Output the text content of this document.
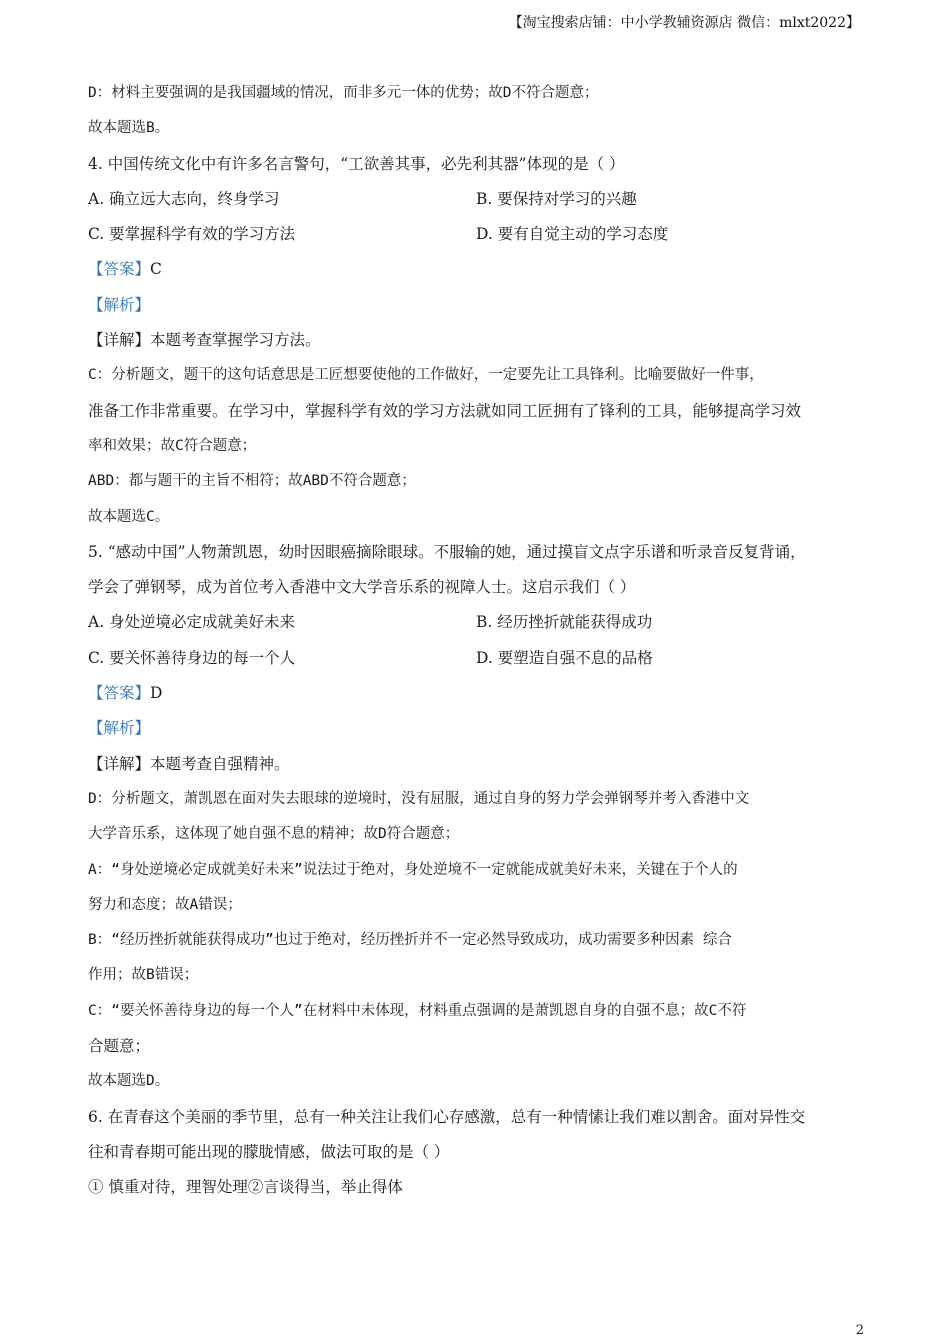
【淘宝搜索店铺：中小学教辅资源店 微信：mlxt2022】
D：材料主要强调的是我国疆域的情况，而非多元一体的优势；故D不符合题意；
故本题选B。
4. 中国传统文化中有许多名言警句，“工欲善其事，必先利其器”体现的是（ ）
A. 确立远大志向，终身学习	B. 要保持对学习的兴趣
C. 要掌握科学有效的学习方法	D. 要有自觉主动的学习态度
【答案】C
【解析】
【详解】本题考查掌握学习方法。
C：分析题文，题干的这句话意思是工匠想要使他的工作做好，一定要先让工具锋利。比喻要做好一件事，
准备工作非常重要。在学习中，掌握科学有效的学习方法就如同工匠拥有了锋利的工具，能够提高学习效
率和效果；故C符合题意；
ABD：都与题干的主旨不相符；故ABD不符合题意；
故本题选C。
5. “感动中国”人物萧凯恩，幼时因眼癌摘除眼球。不服输的她，通过摸盲文点字乐谱和听录音反复背诵，
学会了弹钢琴，成为首位考入香港中文大学音乐系的视障人士。这启示我们（ ）
A. 身处逆境必定成就美好未来	B. 经历挫折就能获得成功
C. 要关怀善待身边的每一个人	D. 要塑造自强不息的品格
【答案】D
【解析】
【详解】本题考查自强精神。
D：分析题文，萧凯恩在面对失去眼球的逆境时，没有屈服，通过自身的努力学会弹钢琴并考入香港中文
大学音乐系，这体现了她自强不息的精神；故D符合题意；
A：“身处逆境必定成就美好未来”说法过于绝对，身处逆境不一定就能成就美好未来，关键在于个人的
努力和态度；故A错误；
B：“经历挫折就能获得成功”也过于绝对，经历挫折并不一定必然导致成功，成功需要多种因素 综合
作用；故B错误；
C：“要关怀善待身边的每一个人”在材料中未体现，材料重点强调的是萧凯恩自身的自强不息；故C不符
合题意；
故本题选D。
6. 在青春这个美丽的季节里，总有一种关注让我们心存感激，总有一种情愫让我们难以割舍。面对异性交
往和青春期可能出现的朦胧情感，做法可取的是（ ）
① 慎重对待，理智处理②言谈得当，举止得体
2
